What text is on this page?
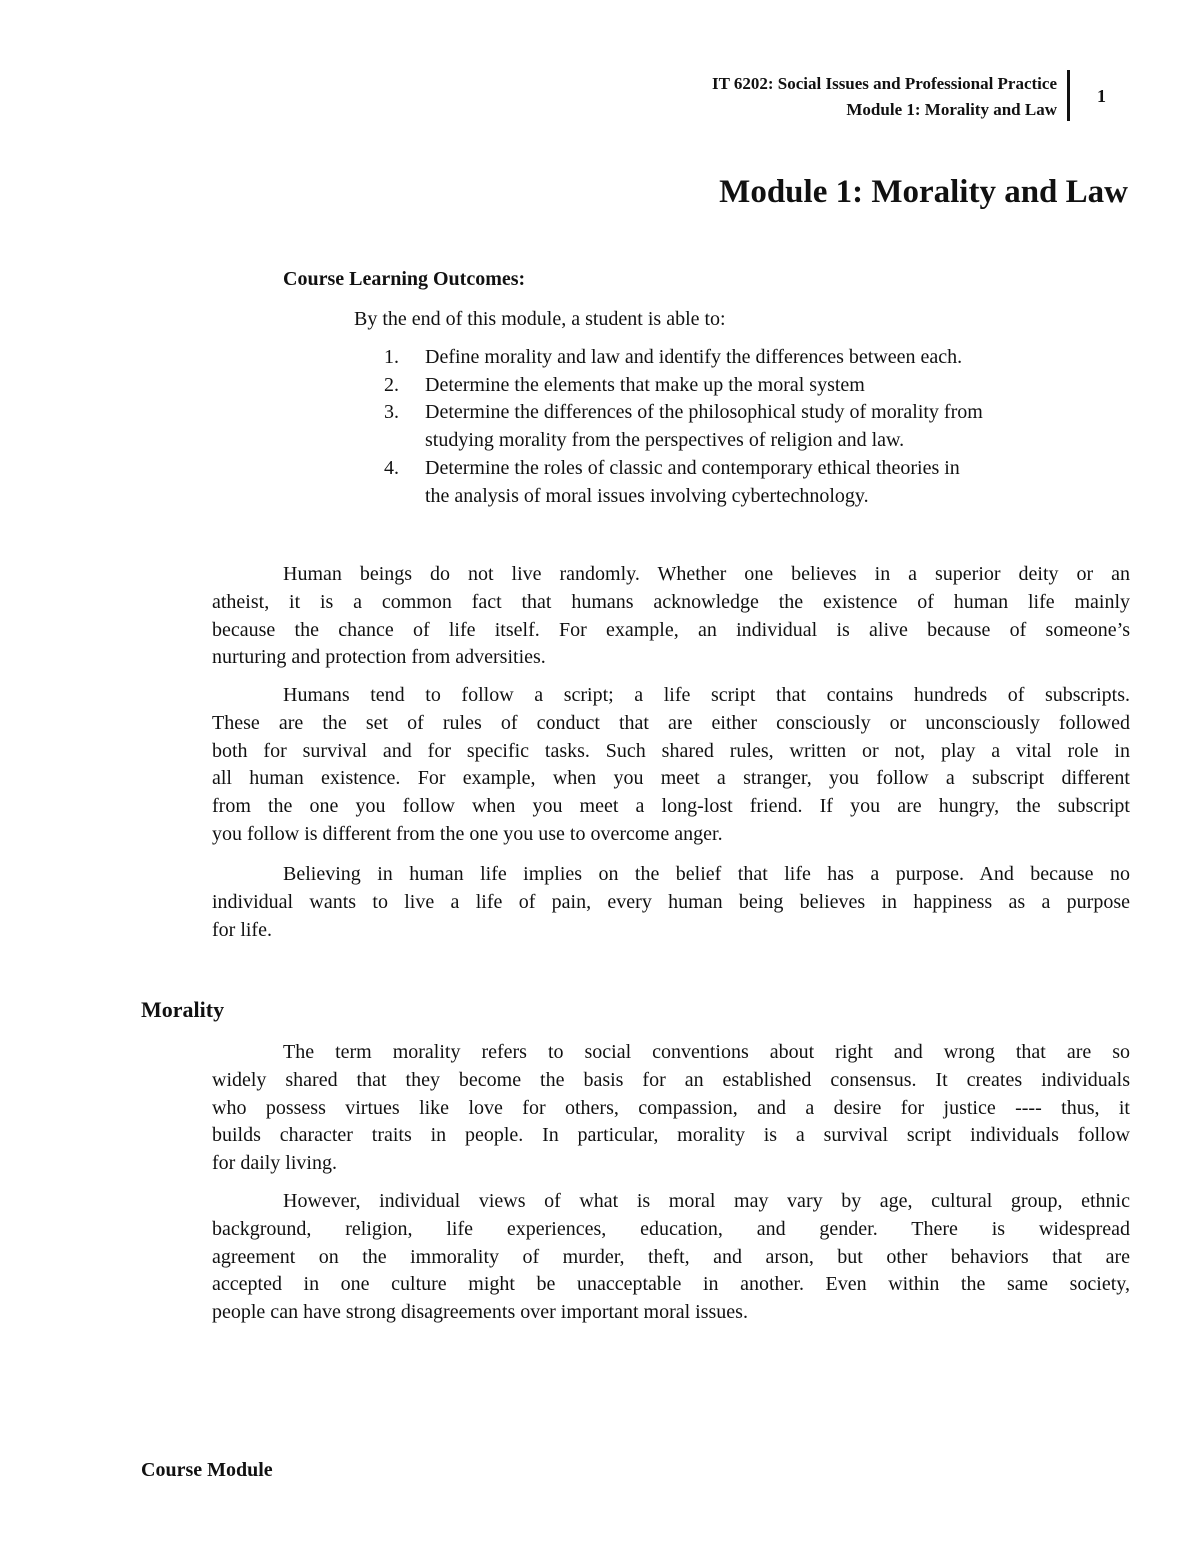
IT 6202: Social Issues and Professional Practice
Module 1: Morality and Law
1
Module 1: Morality and Law
Course Learning Outcomes:
By the end of this module, a student is able to:
Morality
Course Module
1. Define morality and law and identify the differences between each.
2. Determine the elements that make up the moral system
3. Determine the differences of the philosophical study of morality from
studying morality from the perspectives of religion and law.
4. Determine the roles of classic and contemporary ethical theories in
the analysis of moral issues involving cybertechnology.
Human beings do not live randomly. Whether one believes in a superior deity or an
atheist, it is a common fact that humans acknowledge the existence of human life mainly
because the chance of life itself. For example, an individual is alive because of someone’s
nurturing and protection from adversities.
Humans tend to follow a script; a life script that contains hundreds of subscripts.
These are the set of rules of conduct that are either consciously or unconsciously followed
both for survival and for specific tasks. Such shared rules, written or not, play a vital role in
all human existence. For example, when you meet a stranger, you follow a subscript different
from the one you follow when you meet a long-lost friend. If you are hungry, the subscript
you follow is different from the one you use to overcome anger.
Believing in human life implies on the belief that life has a purpose. And because no
individual wants to live a life of pain, every human being believes in happiness as a purpose
for life.
The term morality refers to social conventions about right and wrong that are so
widely shared that they become the basis for an established consensus. It creates individuals
who possess virtues like love for others, compassion, and a desire for justice ---- thus, it
builds character traits in people. In particular, morality is a survival script individuals follow
for daily living.
However, individual views of what is moral may vary by age, cultural group, ethnic
background, religion, life experiences, education, and gender. There is widespread
agreement on the immorality of murder, theft, and arson, but other behaviors that are
accepted in one culture might be unacceptable in another. Even within the same society,
people can have strong disagreements over important moral issues.
